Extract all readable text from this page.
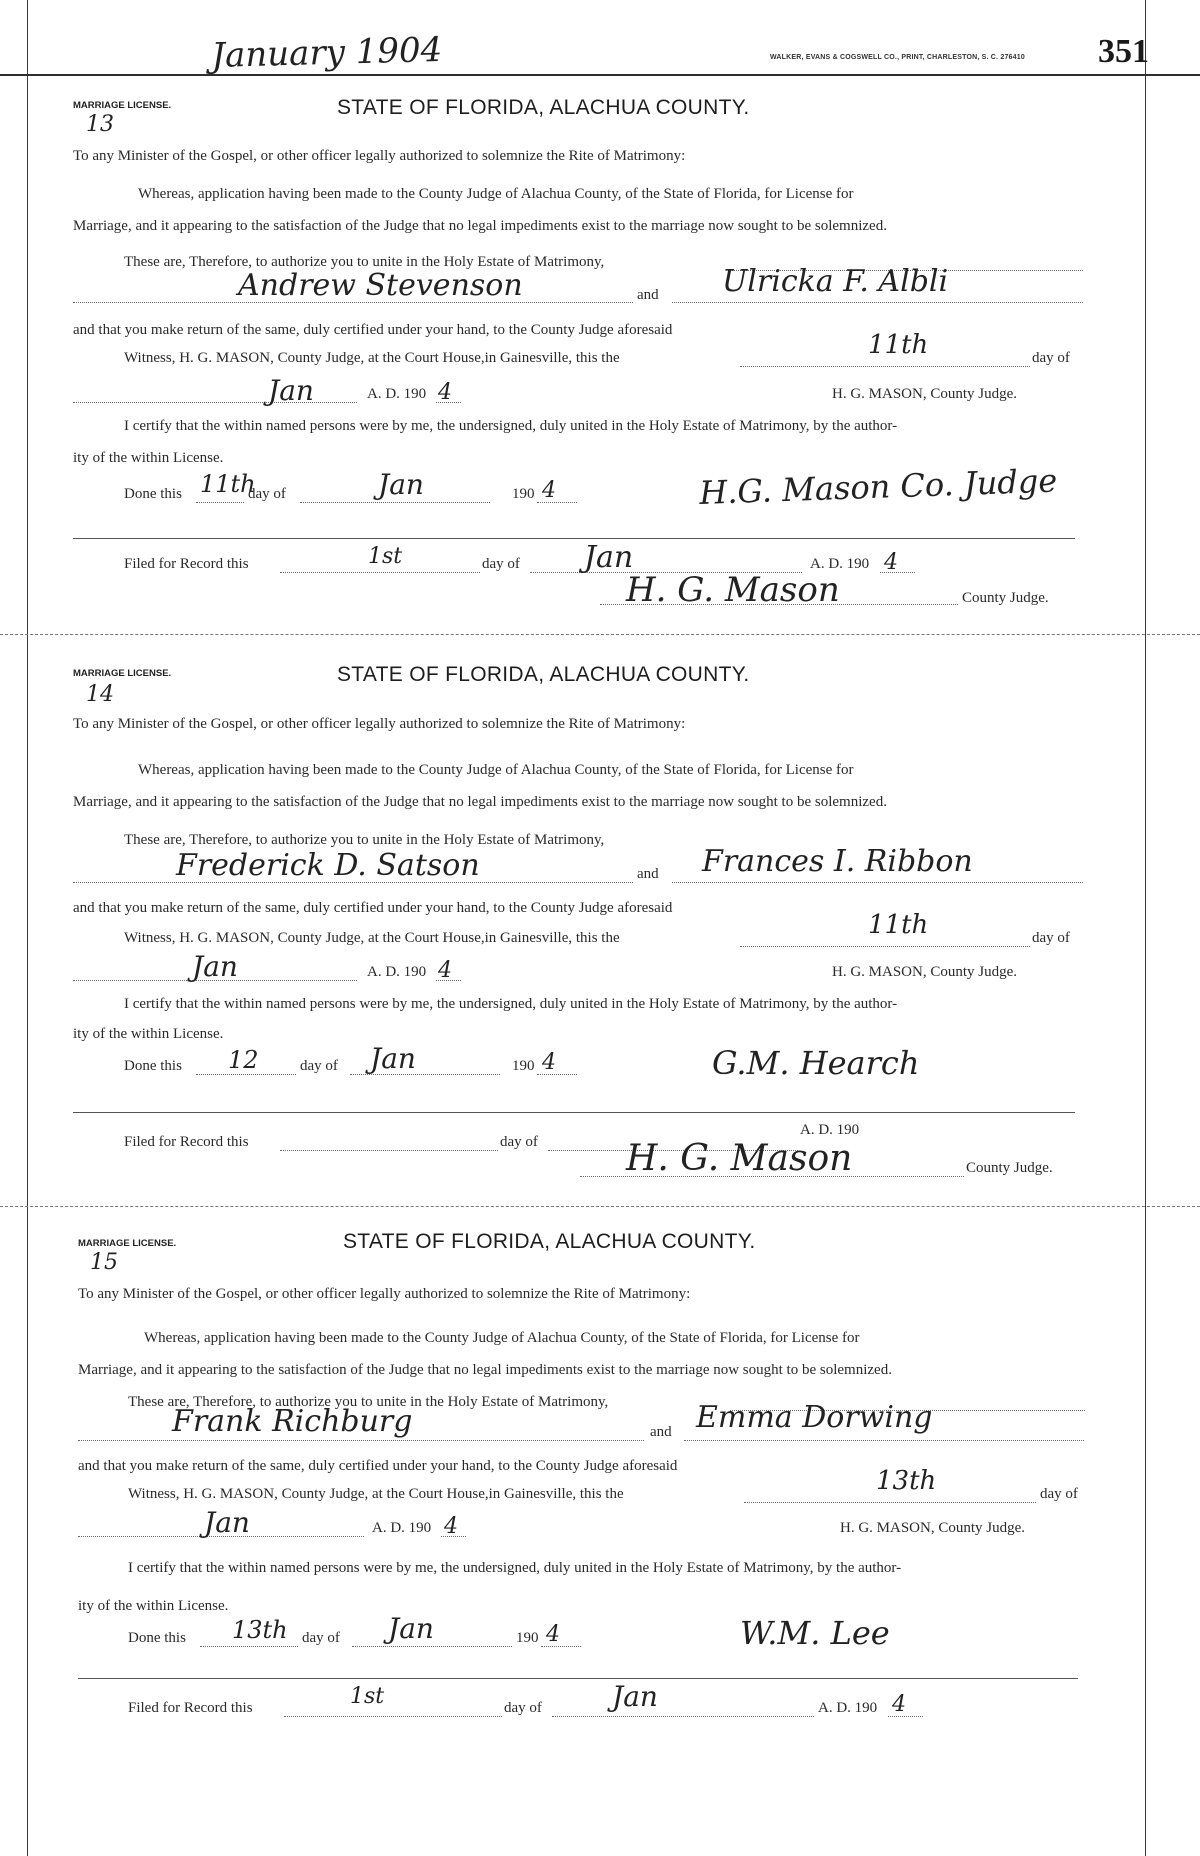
January 1904	WALKER, EVANS & COGSWELL CO., PRINT, CHARLESTON, S. C. 276410 351
MARRIAGE LICENSE.
13
STATE OF FLORIDA, ALACHUA COUNTY.
To any Minister of the Gospel, or other officer legally authorized to solemnize the Rite of Matrimony:
Whereas, application having been made to the County Judge of Alachua County, of the State of Florida, for License for
Marriage, and it appearing to the satisfaction of the Judge that no legal impediments exist to the marriage now sought to be solemnized.
These are, Therefore, to authorize you to unite in the Holy Estate of Matrimony,
Andrew Stevenson	and Ulricka F. Albli
and that you make return of the same, duly certified under your hand, to the County Judge aforesaid
Witness, H. G. MASON, County Judge, at the Court House,in Gainesville, this the	11th	day of
Jan	A. D. 190 4	H. G. MASON, County Judge.
I certify that the within named persons were by me, the undersigned, duly united in the Holy Estate of Matrimony, by the author-
ity of the within License.
Done this 11th
day of	Jan	190 4	H.G. Mason Co. Judge
Filed for Record this	1st	day of Jan	A. D. 190 4
H. G. Mason	County Judge.
MARRIAGE LICENSE.
14
STATE OF FLORIDA, ALACHUA COUNTY.
To any Minister of the Gospel, or other officer legally authorized to solemnize the Rite of Matrimony:
Whereas, application having been made to the County Judge of Alachua County, of the State of Florida, for License for
Marriage, and it appearing to the satisfaction of the Judge that no legal impediments exist to the marriage now sought to be solemnized.
These are, Therefore, to authorize you to unite in the Holy Estate of Matrimony,
Frederick D. Satson	and Frances I. Ribbon
and that you make return of the same, duly certified under your hand, to the County Judge aforesaid
Witness, H. G. MASON, County Judge, at the Court House,in Gainesville, this the	11th	day of
Jan	A. D. 190 4	H. G. MASON, County Judge.
I certify that the within named persons were by me, the undersigned, duly united in the Holy Estate of Matrimony, by the author-
ity of the within License.
Done this 12	day of Jan	190 4	G.M. Hearch
Filed for Record this	day of
A. D. 190
H. G. Mason	County Judge.
MARRIAGE LICENSE.
15
STATE OF FLORIDA, ALACHUA COUNTY.
To any Minister of the Gospel, or other officer legally authorized to solemnize the Rite of Matrimony:
Whereas, application having been made to the County Judge of Alachua County, of the State of Florida, for License for
Marriage, and it appearing to the satisfaction of the Judge that no legal impediments exist to the marriage now sought to be solemnized.
These are, Therefore, to authorize you to unite in the Holy Estate of Matrimony,
Frank Richburg	and Emma Dorwing
and that you make return of the same, duly certified under your hand, to the County Judge aforesaid
Witness, H. G. MASON, County Judge, at the Court House,in Gainesville, this the	13th	day of
Jan	A. D. 190 4	H. G. MASON, County Judge.
I certify that the within named persons were by me, the undersigned, duly united in the Holy Estate of Matrimony, by the author-
ity of the within License.
Done this 13th day of Jan	190 4	W.M. Lee
Filed for Record this	1st	day of	Jan	A. D. 190 4
